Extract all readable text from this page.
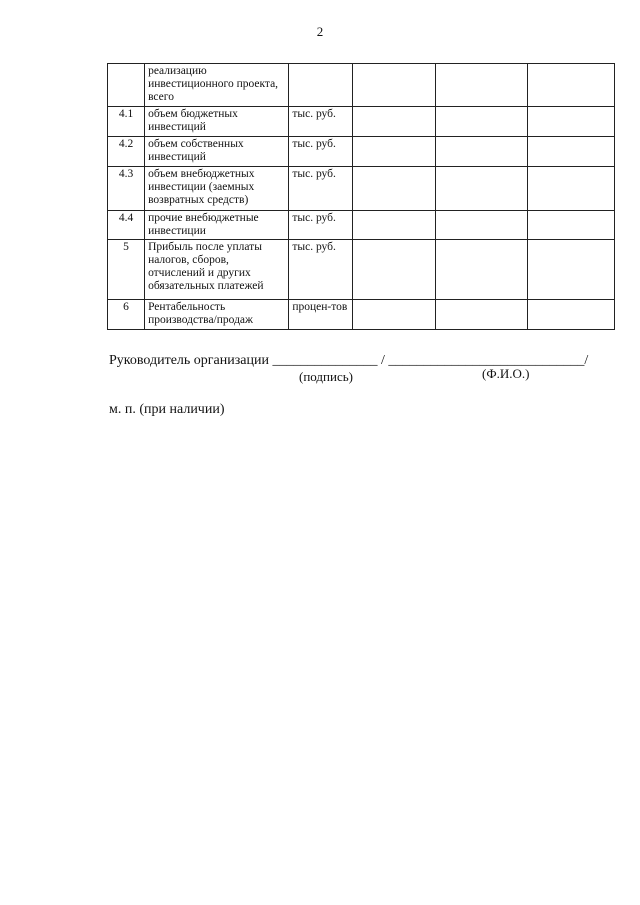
2
	реализацию инвестиционного проекта, всего				
4.1	объем бюджетных инвестиций	тыс. руб.			
4.2	объем собственных инвестиций	тыс. руб.			
4.3	объем внебюджетных инвестиции (заемных возвратных средств)	тыс. руб.			
4.4	прочие внебюджетные инвестиции	тыс. руб.			
5	Прибыль после уплаты налогов, сборов, отчислений и других обязательных платежей	тыс. руб.			
6	Рентабельность производства/продаж	процен-тов			
Руководитель организации _______________ / ____________________________/
(подпись)	(Ф.И.О.)
м. п. (при наличии)
